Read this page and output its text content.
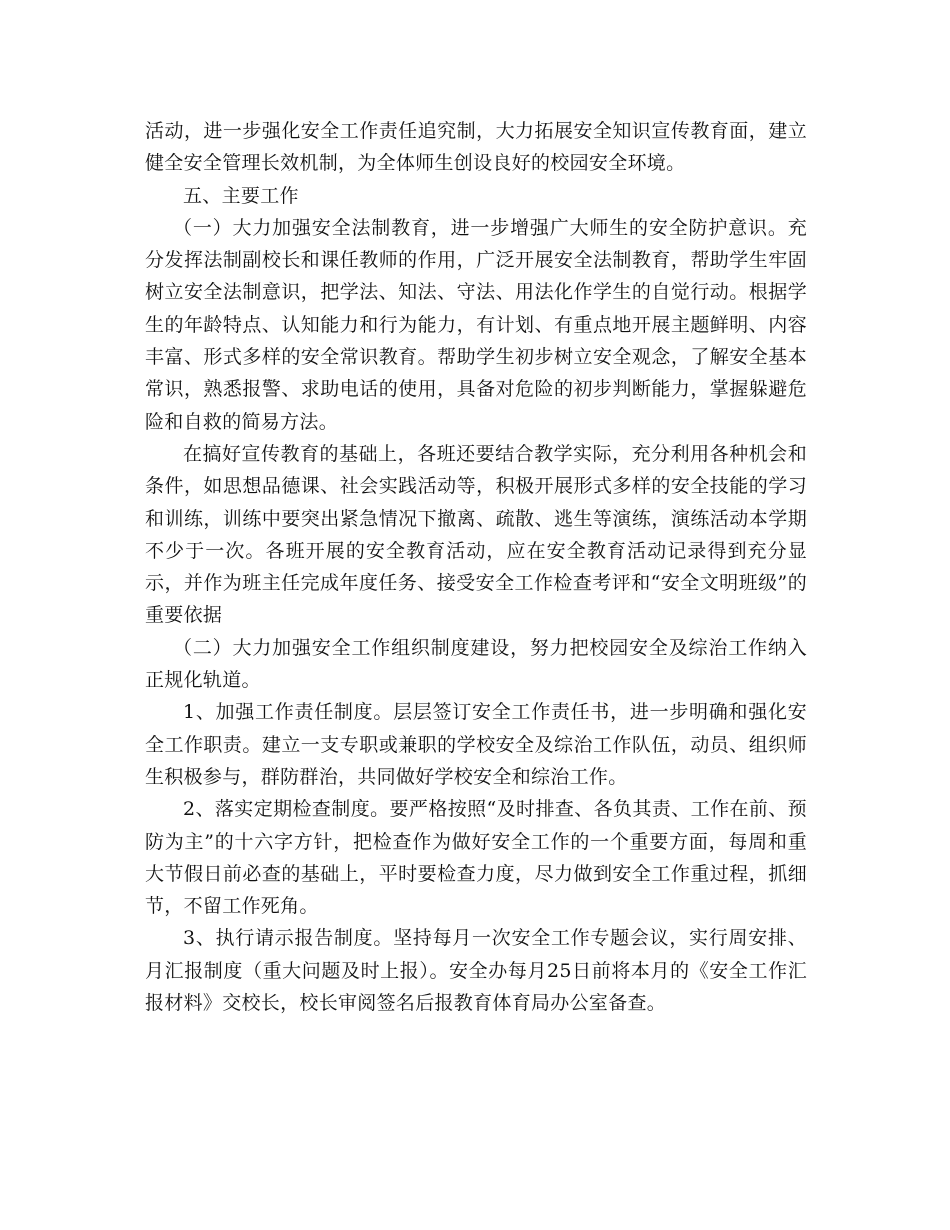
活动，进一步强化安全工作责任追究制，大力拓展安全知识宣传教育面，建立健全安全管理长效机制，为全体师生创设良好的校园安全环境。

五、主要工作

（一）大力加强安全法制教育，进一步增强广大师生的安全防护意识。充分发挥法制副校长和课任教师的作用，广泛开展安全法制教育，帮助学生牢固树立安全法制意识，把学法、知法、守法、用法化作学生的自觉行动。根据学生的年龄特点、认知能力和行为能力，有计划、有重点地开展主题鲜明、内容丰富、形式多样的安全常识教育。帮助学生初步树立安全观念，了解安全基本常识，熟悉报警、求助电话的使用，具备对危险的初步判断能力，掌握躲避危险和自救的简易方法。

在搞好宣传教育的基础上，各班还要结合教学实际，充分利用各种机会和条件，如思想品德课、社会实践活动等，积极开展形式多样的安全技能的学习和训练，训练中要突出紧急情况下撤离、疏散、逃生等演练，演练活动本学期不少于一次。各班开展的安全教育活动，应在安全教育活动记录得到充分显示，并作为班主任完成年度任务、接受安全工作检查考评和“安全文明班级”的重要依据

（二）大力加强安全工作组织制度建设，努力把校园安全及综治工作纳入正规化轨道。

1、加强工作责任制度。层层签订安全工作责任书，进一步明确和强化安全工作职责。建立一支专职或兼职的学校安全及综治工作队伍，动员、组织师生积极参与，群防群治，共同做好学校安全和综治工作。

2、落实定期检查制度。要严格按照“及时排查、各负其责、工作在前、预防为主”的十六字方针，把检查作为做好安全工作的一个重要方面，每周和重大节假日前必查的基础上，平时要检查力度，尽力做到安全工作重过程，抓细节，不留工作死角。

3、执行请示报告制度。坚持每月一次安全工作专题会议，实行周安排、月汇报制度（重大问题及时上报）。安全办每月25日前将本月的《安全工作汇报材料》交校长，校长审阅签名后报教育体育局办公室备查。
